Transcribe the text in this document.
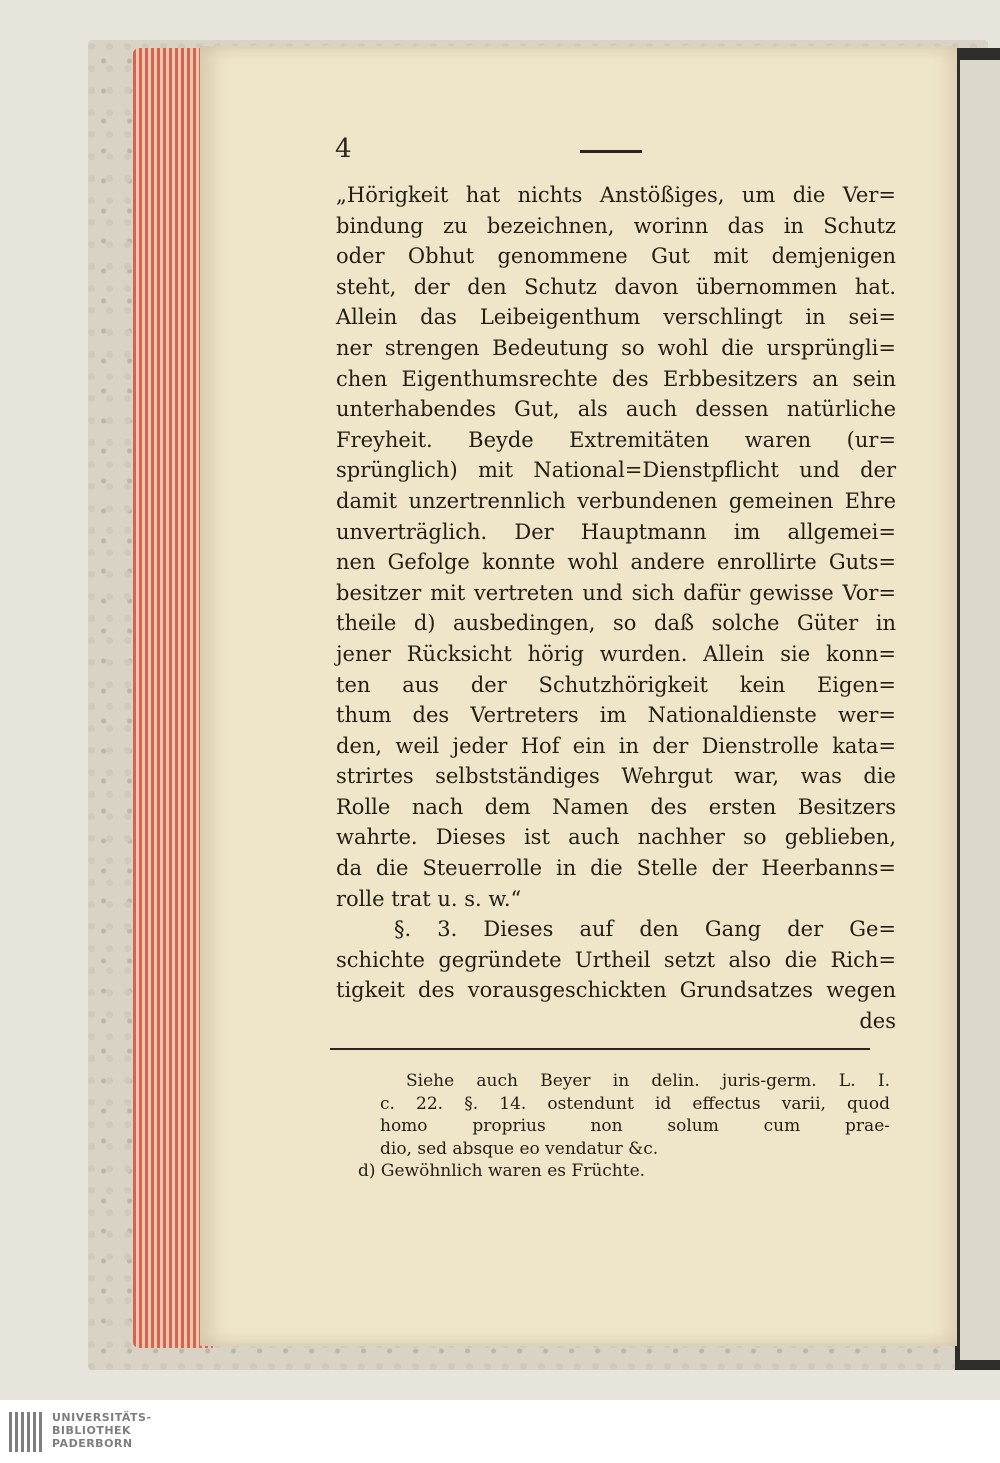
4
„Hörigkeit hat nichts Anstößiges, um die Ver=
bindung zu bezeichnen, worinn das in Schutz
oder Obhut genommene Gut mit demjenigen
steht, der den Schutz davon übernommen hat.
Allein das Leibeigenthum verschlingt in sei=
ner strengen Bedeutung so wohl die ursprüngli=
chen Eigenthumsrechte des Erbbesitzers an sein
unterhabendes Gut, als auch dessen natürliche
Freyheit. Beyde Extremitäten waren (ur=
sprünglich) mit National=Dienstpflicht und der
damit unzertrennlich verbundenen gemeinen Ehre
unverträglich. Der Hauptmann im allgemei=
nen Gefolge konnte wohl andere enrollirte Guts=
besitzer mit vertreten und sich dafür gewisse Vor=
theile d) ausbedingen, so daß solche Güter in
jener Rücksicht hörig wurden. Allein sie konn=
ten aus der Schutzhörigkeit kein Eigen=
thum des Vertreters im Nationaldienste wer=
den, weil jeder Hof ein in der Dienstrolle kata=
strirtes selbstständiges Wehrgut war, was die
Rolle nach dem Namen des ersten Besitzers
wahrte. Dieses ist auch nachher so geblieben,
da die Steuerrolle in die Stelle der Heerbanns=
rolle trat u. s. w.“
§. 3. Dieses auf den Gang der Ge=
schichte gegründete Urtheil setzt also die Rich=
tigkeit des vorausgeschickten Grundsatzes wegen
des
Siehe auch Beyer in delin. juris-germ. L. I.
c. 22. §. 14. ostendunt id effectus varii, quod
homo proprius non solum cum prae-
dio, sed absque eo vendatur &c.
d) Gewöhnlich waren es Früchte.
UNIVERSITÄTS-
BIBLIOTHEK
PADERBORN
